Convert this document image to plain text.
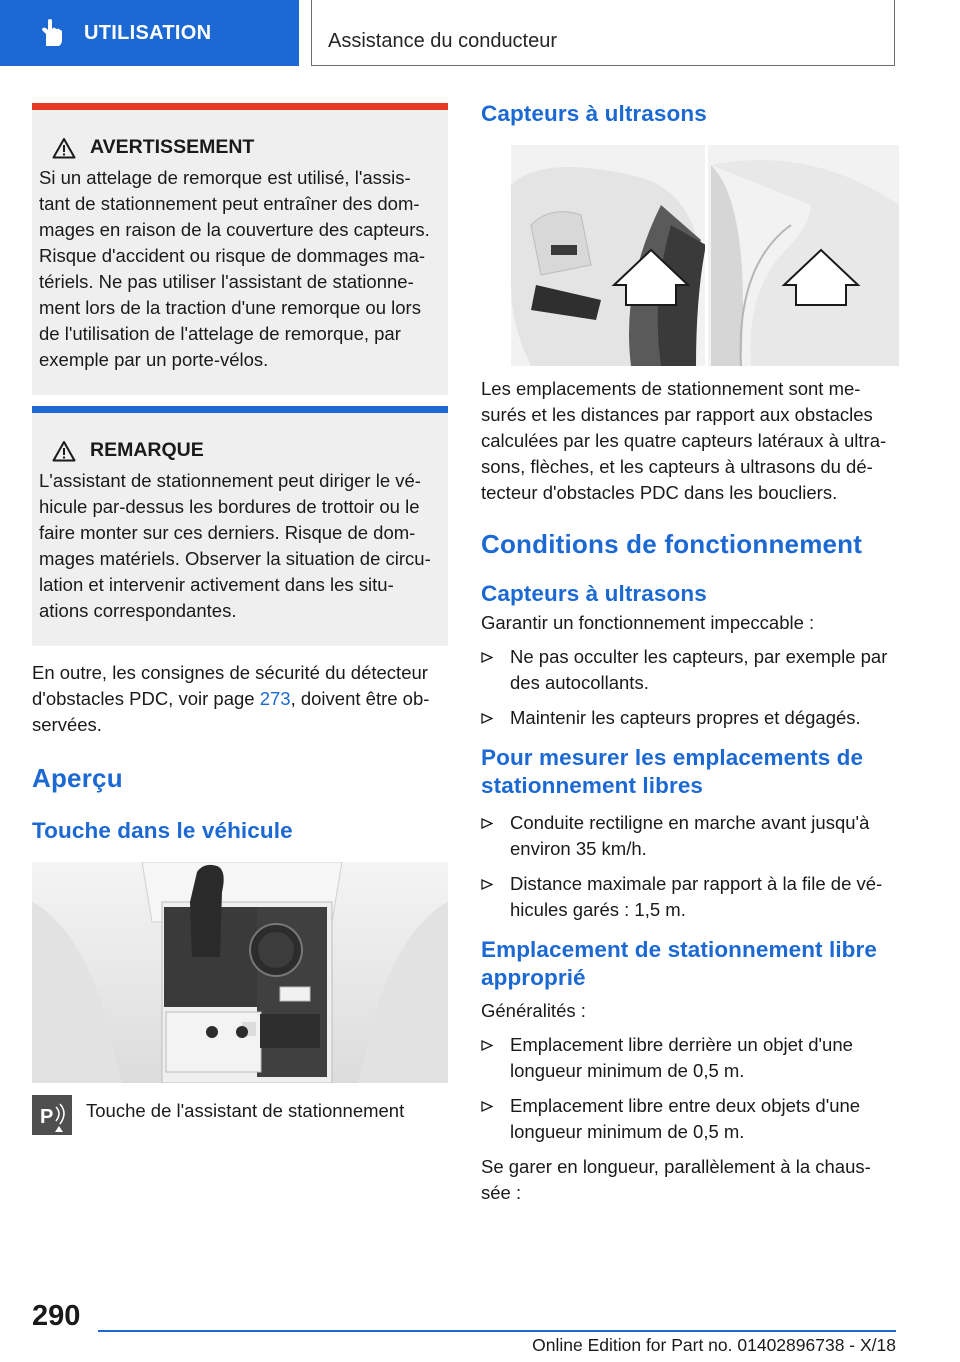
UTILISATION	Assistance du conducteur
AVERTISSEMENT

Si un attelage de remorque est utilisé, l'assis-tant de stationnement peut entraîner des dom-mages en raison de la couverture des capteurs. Risque d'accident ou risque de dommages ma-tériels. Ne pas utiliser l'assistant de stationne-ment lors de la traction d'une remorque ou lors de l'utilisation de l'attelage de remorque, par exemple par un porte-vélos.

REMARQUE

L'assistant de stationnement peut diriger le vé-hicule par-dessus les bordures de trottoir ou le faire monter sur ces derniers. Risque de dom-mages matériels. Observer la situation de circu-lation et intervenir activement dans les situ-ations correspondantes.

En outre, les consignes de sécurité du détecteur d'obstacles PDC, voir page 273, doivent être ob-servées.

Aperçu
Touche dans le véhicule
P Touche de l'assistant de stationnement
Capteurs à ultrasons

Les emplacements de stationnement sont me-surés et les distances par rapport aux obstacles calculées par les quatre capteurs latéraux à ultra-sons, flèches, et les capteurs à ultrasons du dé-tecteur d'obstacles PDC dans les boucliers.

Conditions de fonctionnement
Capteurs à ultrasons

Garantir un fonctionnement impeccable :

Ne pas occulter les capteurs, par exemple par des autocollants.
Maintenir les capteurs propres et dégagés.
Pour mesurer les emplacements de stationnement libres
Conduite rectiligne en marche avant jusqu'à environ 35 km/h.
Distance maximale par rapport à la file de vé-hicules garés : 1,5 m.
Emplacement de stationnement libre approprié

Généralités :

Emplacement libre derrière un objet d'une longueur minimum de 0,5 m.
Emplacement libre entre deux objets d'une longueur minimum de 0,5 m.

Se garer en longueur, parallèlement à la chaus-sée :

290
Online Edition for Part no. 01402896738 - X/18
